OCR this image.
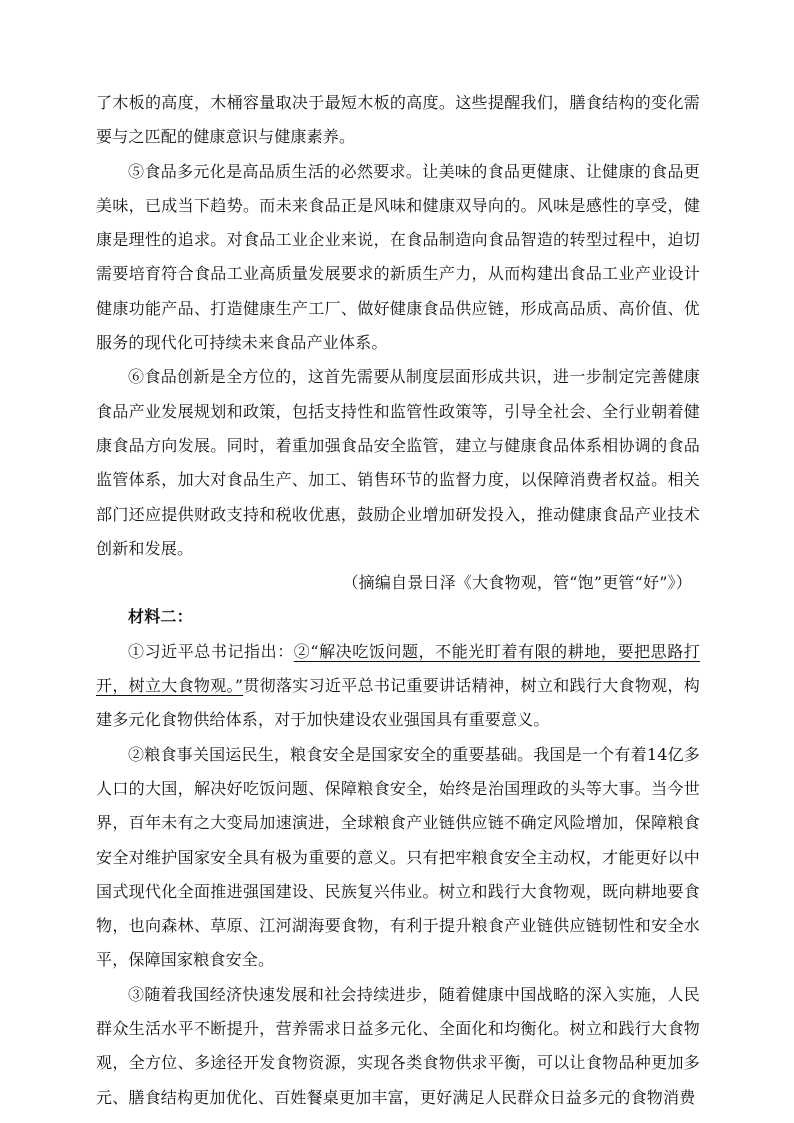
了木板的高度，木桶容量取决于最短木板的高度。这些提醒我们，膳食结构的变化需要与之匹配的健康意识与健康素养。

⑤食品多元化是高品质生活的必然要求。让美味的食品更健康、让健康的食品更美味，已成当下趋势。而未来食品正是风味和健康双导向的。风味是感性的享受，健康是理性的追求。对食品工业企业来说，在食品制造向食品智造的转型过程中，迫切需要培育符合食品工业高质量发展要求的新质生产力，从而构建出食品工业产业设计健康功能产品、打造健康生产工厂、做好健康食品供应链，形成高品质、高价值、优服务的现代化可持续未来食品产业体系。

⑥食品创新是全方位的，这首先需要从制度层面形成共识，进一步制定完善健康食品产业发展规划和政策，包括支持性和监管性政策等，引导全社会、全行业朝着健康食品方向发展。同时，着重加强食品安全监管，建立与健康食品体系相协调的食品监管体系，加大对食品生产、加工、销售环节的监督力度，以保障消费者权益。相关部门还应提供财政支持和税收优惠，鼓励企业增加研发投入，推动健康食品产业技术创新和发展。

（摘编自景日泽《大食物观，管“饱”更管“好”》）

材料二：

①习近平总书记指出：②“解决吃饭问题，不能光盯着有限的耕地，要把思路打开，树立大食物观。”贯彻落实习近平总书记重要讲话精神，树立和践行大食物观，构建多元化食物供给体系，对于加快建设农业强国具有重要意义。

②粮食事关国运民生，粮食安全是国家安全的重要基础。我国是一个有着14亿多人口的大国，解决好吃饭问题、保障粮食安全，始终是治国理政的头等大事。当今世界，百年未有之大变局加速演进，全球粮食产业链供应链不确定风险增加，保障粮食安全对维护国家安全具有极为重要的意义。只有把牢粮食安全主动权，才能更好以中国式现代化全面推进强国建设、民族复兴伟业。树立和践行大食物观，既向耕地要食物，也向森林、草原、江河湖海要食物，有利于提升粮食产业链供应链韧性和安全水平，保障国家粮食安全。

③随着我国经济快速发展和社会持续进步，随着健康中国战略的深入实施，人民群众生活水平不断提升，营养需求日益多元化、全面化和均衡化。树立和践行大食物观，全方位、多途径开发食物资源，实现各类食物供求平衡，可以让食物品种更加多元、膳食结构更加优化、百姓餐桌更加丰富，更好满足人民群众日益多元的食物消费
